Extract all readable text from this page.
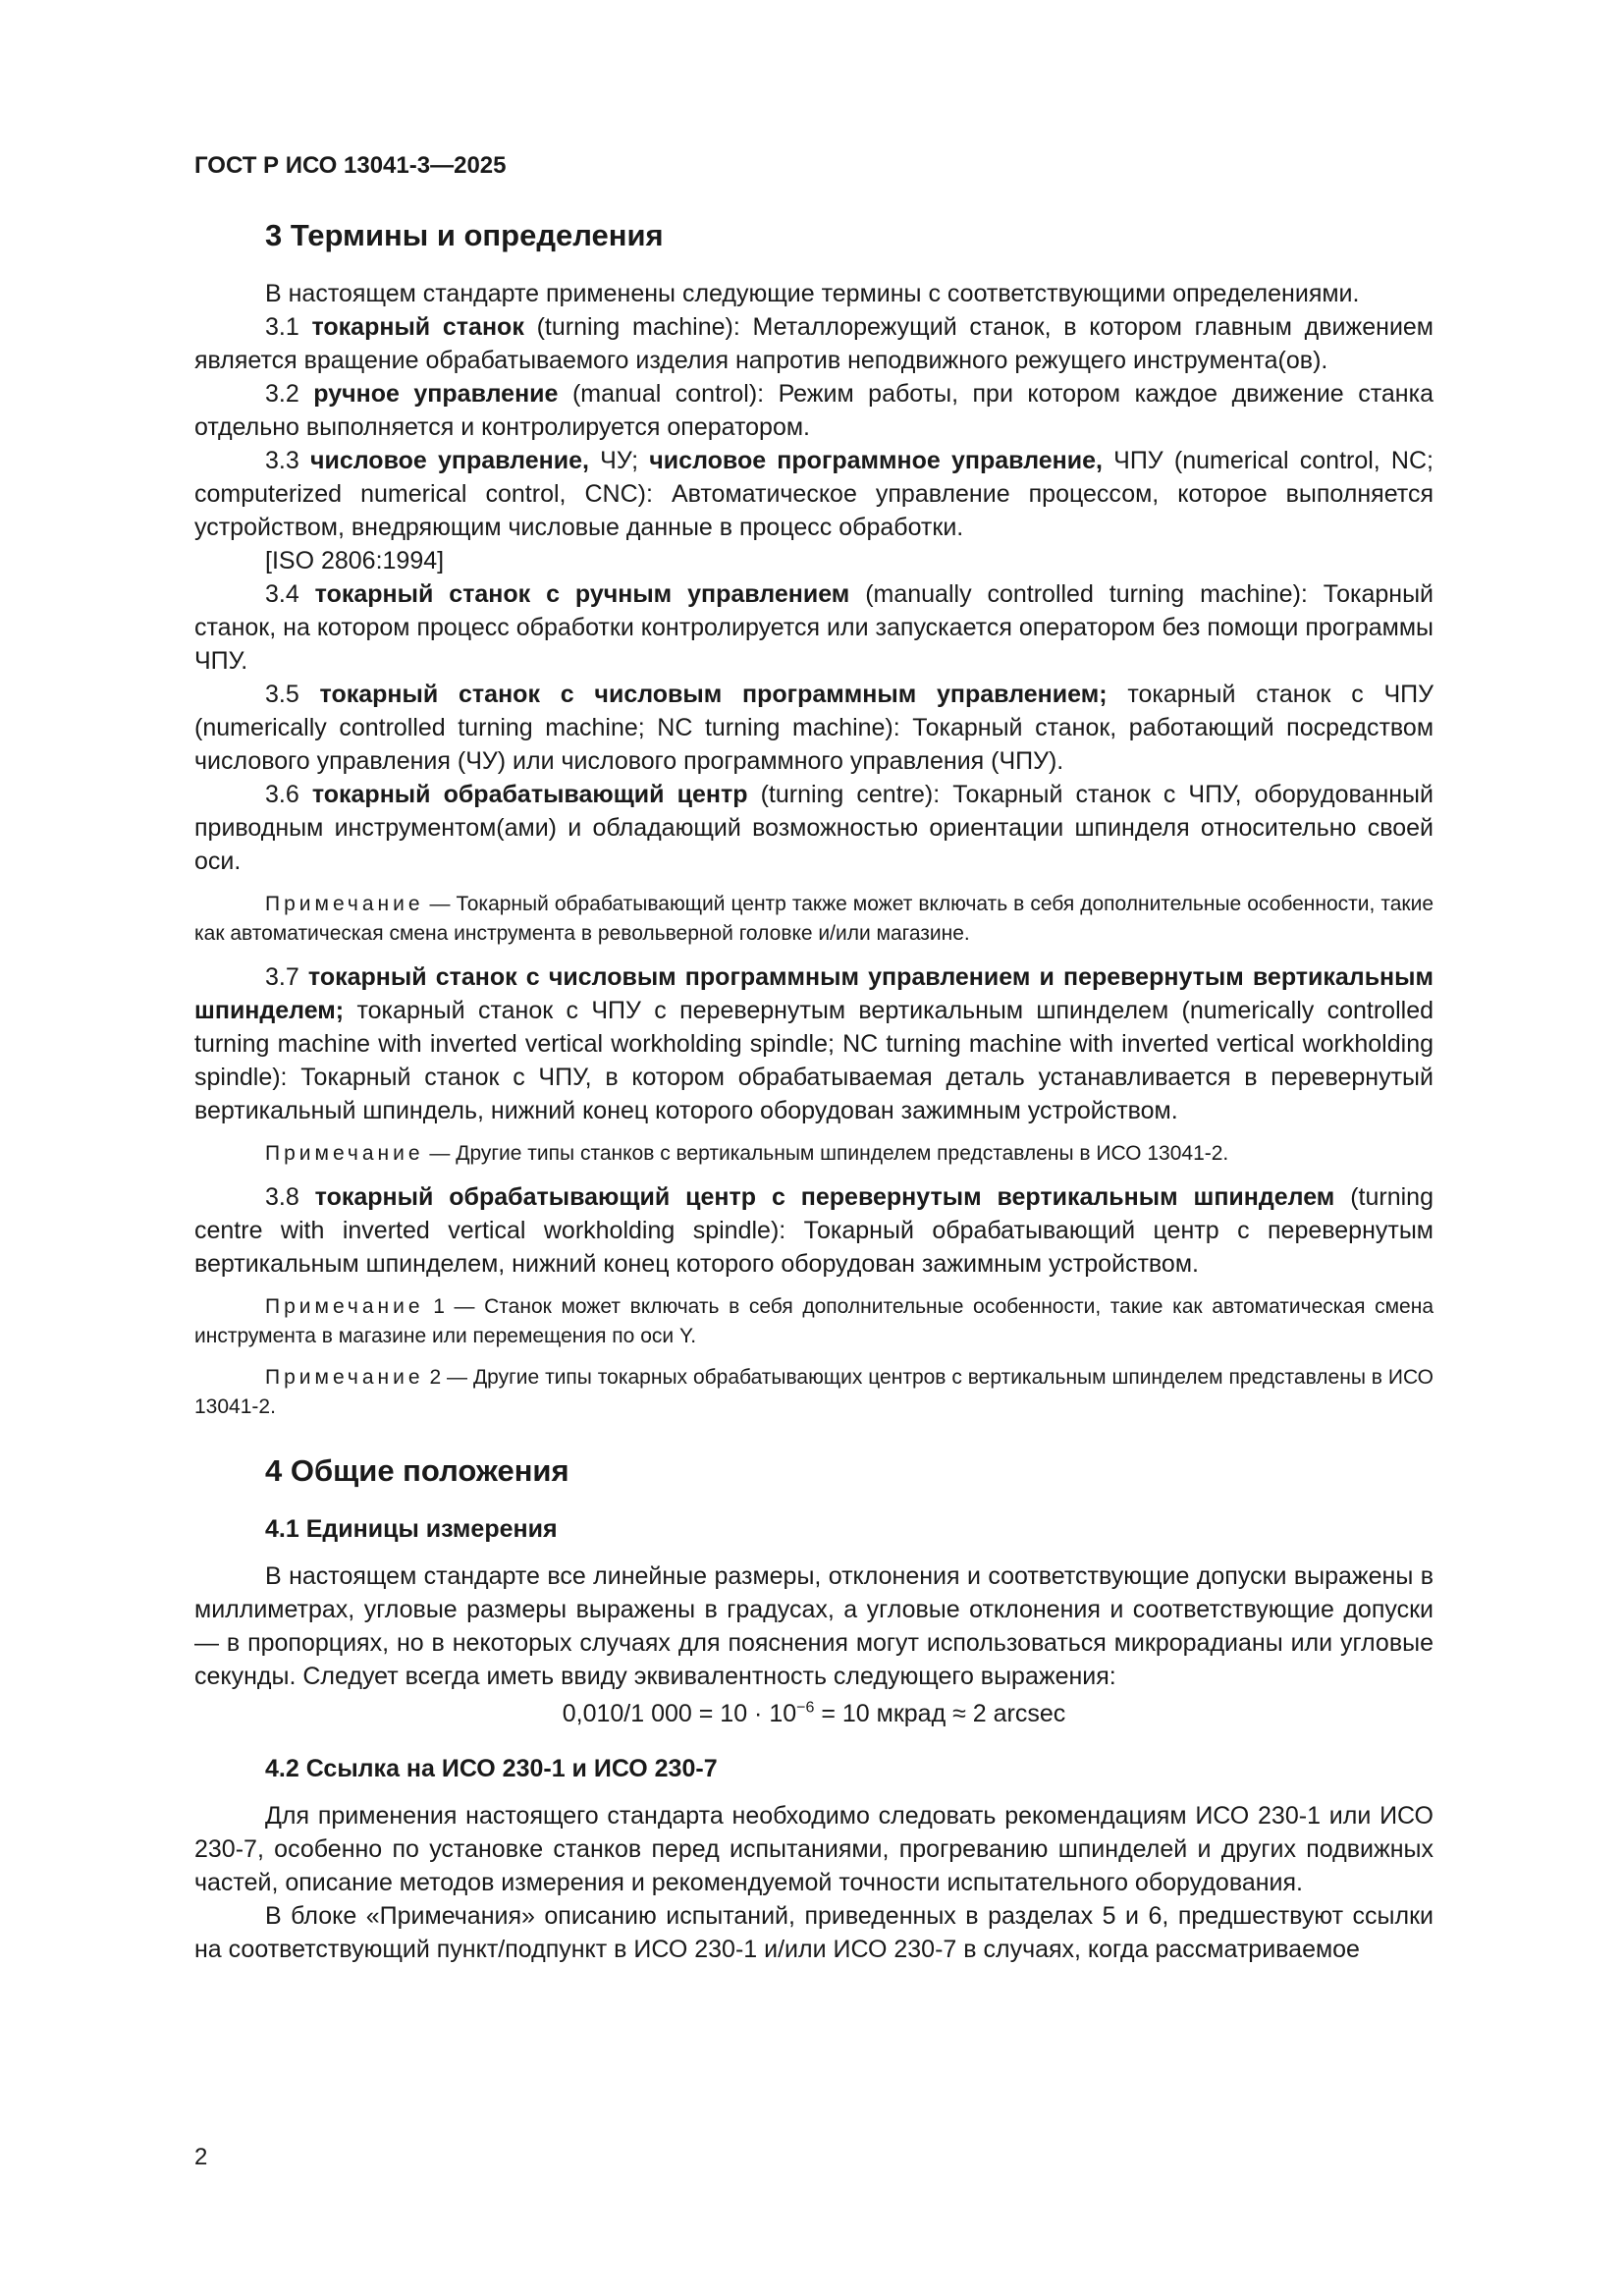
ГОСТ Р ИСО 13041-3—2025
3 Термины и определения

В настоящем стандарте применены следующие термины с соответствующими определениями.

3.1 токарный станок (turning machine): Металлорежущий станок, в котором главным движением является вращение обрабатываемого изделия напротив неподвижного режущего инструмента(ов).

3.2 ручное управление (manual control): Режим работы, при котором каждое движение станка отдельно выполняется и контролируется оператором.

3.3 числовое управление, ЧУ; числовое программное управление, ЧПУ (numerical control, NC; computerized numerical control, CNC): Автоматическое управление процессом, которое выполняется устройством, внедряющим числовые данные в процесс обработки.

[ISO 2806:1994]

3.4 токарный станок с ручным управлением (manually controlled turning machine): Токарный станок, на котором процесс обработки контролируется или запускается оператором без помощи программы ЧПУ.

3.5 токарный станок с числовым программным управлением; токарный станок с ЧПУ (numerically controlled turning machine; NC turning machine): Токарный станок, работающий посредством числового управления (ЧУ) или числового программного управления (ЧПУ).

3.6 токарный обрабатывающий центр (turning centre): Токарный станок с ЧПУ, оборудованный приводным инструментом(ами) и обладающий возможностью ориентации шпинделя относительно своей оси.

Примечание — Токарный обрабатывающий центр также может включать в себя дополнительные особенности, такие как автоматическая смена инструмента в револьверной головке и/или магазине.

3.7 токарный станок с числовым программным управлением и перевернутым вертикальным шпинделем; токарный станок с ЧПУ с перевернутым вертикальным шпинделем (numerically controlled turning machine with inverted vertical workholding spindle; NC turning machine with inverted vertical workholding spindle): Токарный станок с ЧПУ, в котором обрабатываемая деталь устанавливается в перевернутый вертикальный шпиндель, нижний конец которого оборудован зажимным устройством.

Примечание — Другие типы станков с вертикальным шпинделем представлены в ИСО 13041-2.

3.8 токарный обрабатывающий центр с перевернутым вертикальным шпинделем (turning centre with inverted vertical workholding spindle): Токарный обрабатывающий центр с перевернутым вертикальным шпинделем, нижний конец которого оборудован зажимным устройством.

Примечание 1 — Станок может включать в себя дополнительные особенности, такие как автоматическая смена инструмента в магазине или перемещения по оси Y.

Примечание 2 — Другие типы токарных обрабатывающих центров с вертикальным шпинделем представлены в ИСО 13041-2.

4 Общие положения
4.1 Единицы измерения

В настоящем стандарте все линейные размеры, отклонения и соответствующие допуски выражены в миллиметрах, угловые размеры выражены в градусах, а угловые отклонения и соответствующие допуски — в пропорциях, но в некоторых случаях для пояснения могут использоваться микрорадианы или угловые секунды. Следует всегда иметь ввиду эквивалентность следующего выражения:

0,010/1 $000 = 10 \cdot 10^{-6} = 10$ мкрад ≈ 2 arcsec
4.2 Ссылка на ИСО 230-1 и ИСО 230-7

Для применения настоящего стандарта необходимо следовать рекомендациям ИСО 230-1 или ИСО 230-7, особенно по установке станков перед испытаниями, прогреванию шпинделей и других подвижных частей, описание методов измерения и рекомендуемой точности испытательного оборудования.

В блоке «Примечания» описанию испытаний, приведенных в разделах 5 и 6, предшествуют ссылки на соответствующий пункт/подпункт в ИСО 230-1 и/или ИСО 230-7 в случаях, когда рассматриваемое

2
